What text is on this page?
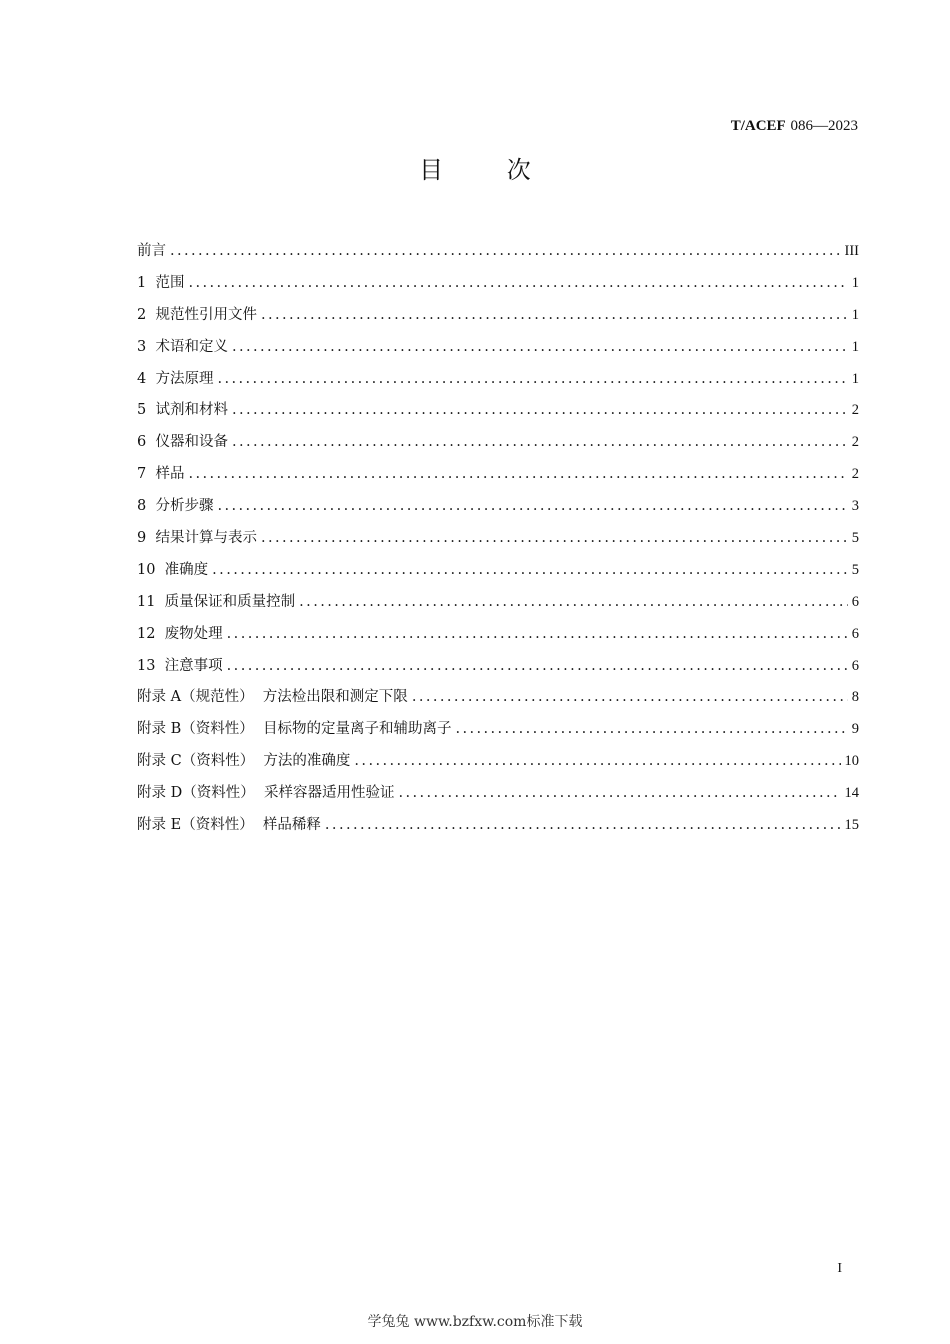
T/ACEF 086—2023
目 次
前言 .....	III
1  范围 .....	1
2  规范性引用文件 .....	1
3  术语和定义 .....	1
4  方法原理 .....	1
5  试剂和材料 .....	2
6  仪器和设备 .....	2
7  样品 .....	2
8  分析步骤 .....	3
9  结果计算与表示 .....	5
10  准确度 .....	5
11  质量保证和质量控制 .....	6
12  废物处理 .....	6
13  注意事项 .....	6
附录 A（规范性）  方法检出限和测定下限 .....	8
附录 B（资料性）  目标物的定量离子和辅助离子 .....	9
附录 C（资料性）  方法的准确度 .....	10
附录 D（资料性）  采样容器适用性验证 .....	14
附录 E（资料性）  样品稀释 .....	15
I
学兔兔 www.bzfxw.com标准下载
